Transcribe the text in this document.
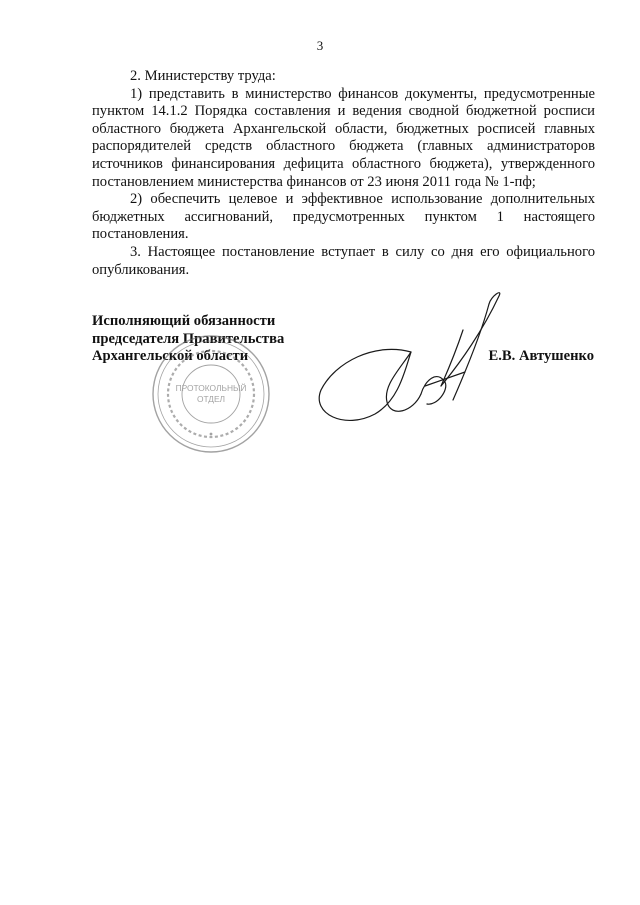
3

2. Министерству труда:

1) представить в министерство финансов документы, предусмотренные пунктом 14.1.2 Порядка составления и ведения сводной бюджетной росписи областного бюджета Архангельской области, бюджетных росписей главных распорядителей средств областного бюджета (главных администраторов источников финансирования дефицита областного бюджета), утвержденного постановлением министерства финансов от 23 июня 2011 года № 1-пф;

2) обеспечить целевое и эффективное использование дополнительных бюджетных ассигнований, предусмотренных пунктом 1 настоящего постановления.

3. Настоящее постановление вступает в силу со дня его официального опубликования.

Исполняющий обязанности
председателя Правительства
Архангельской области	Е.В. Автушенко
ПРОТОКОЛЬНЫЙ
ОТДЕЛ
